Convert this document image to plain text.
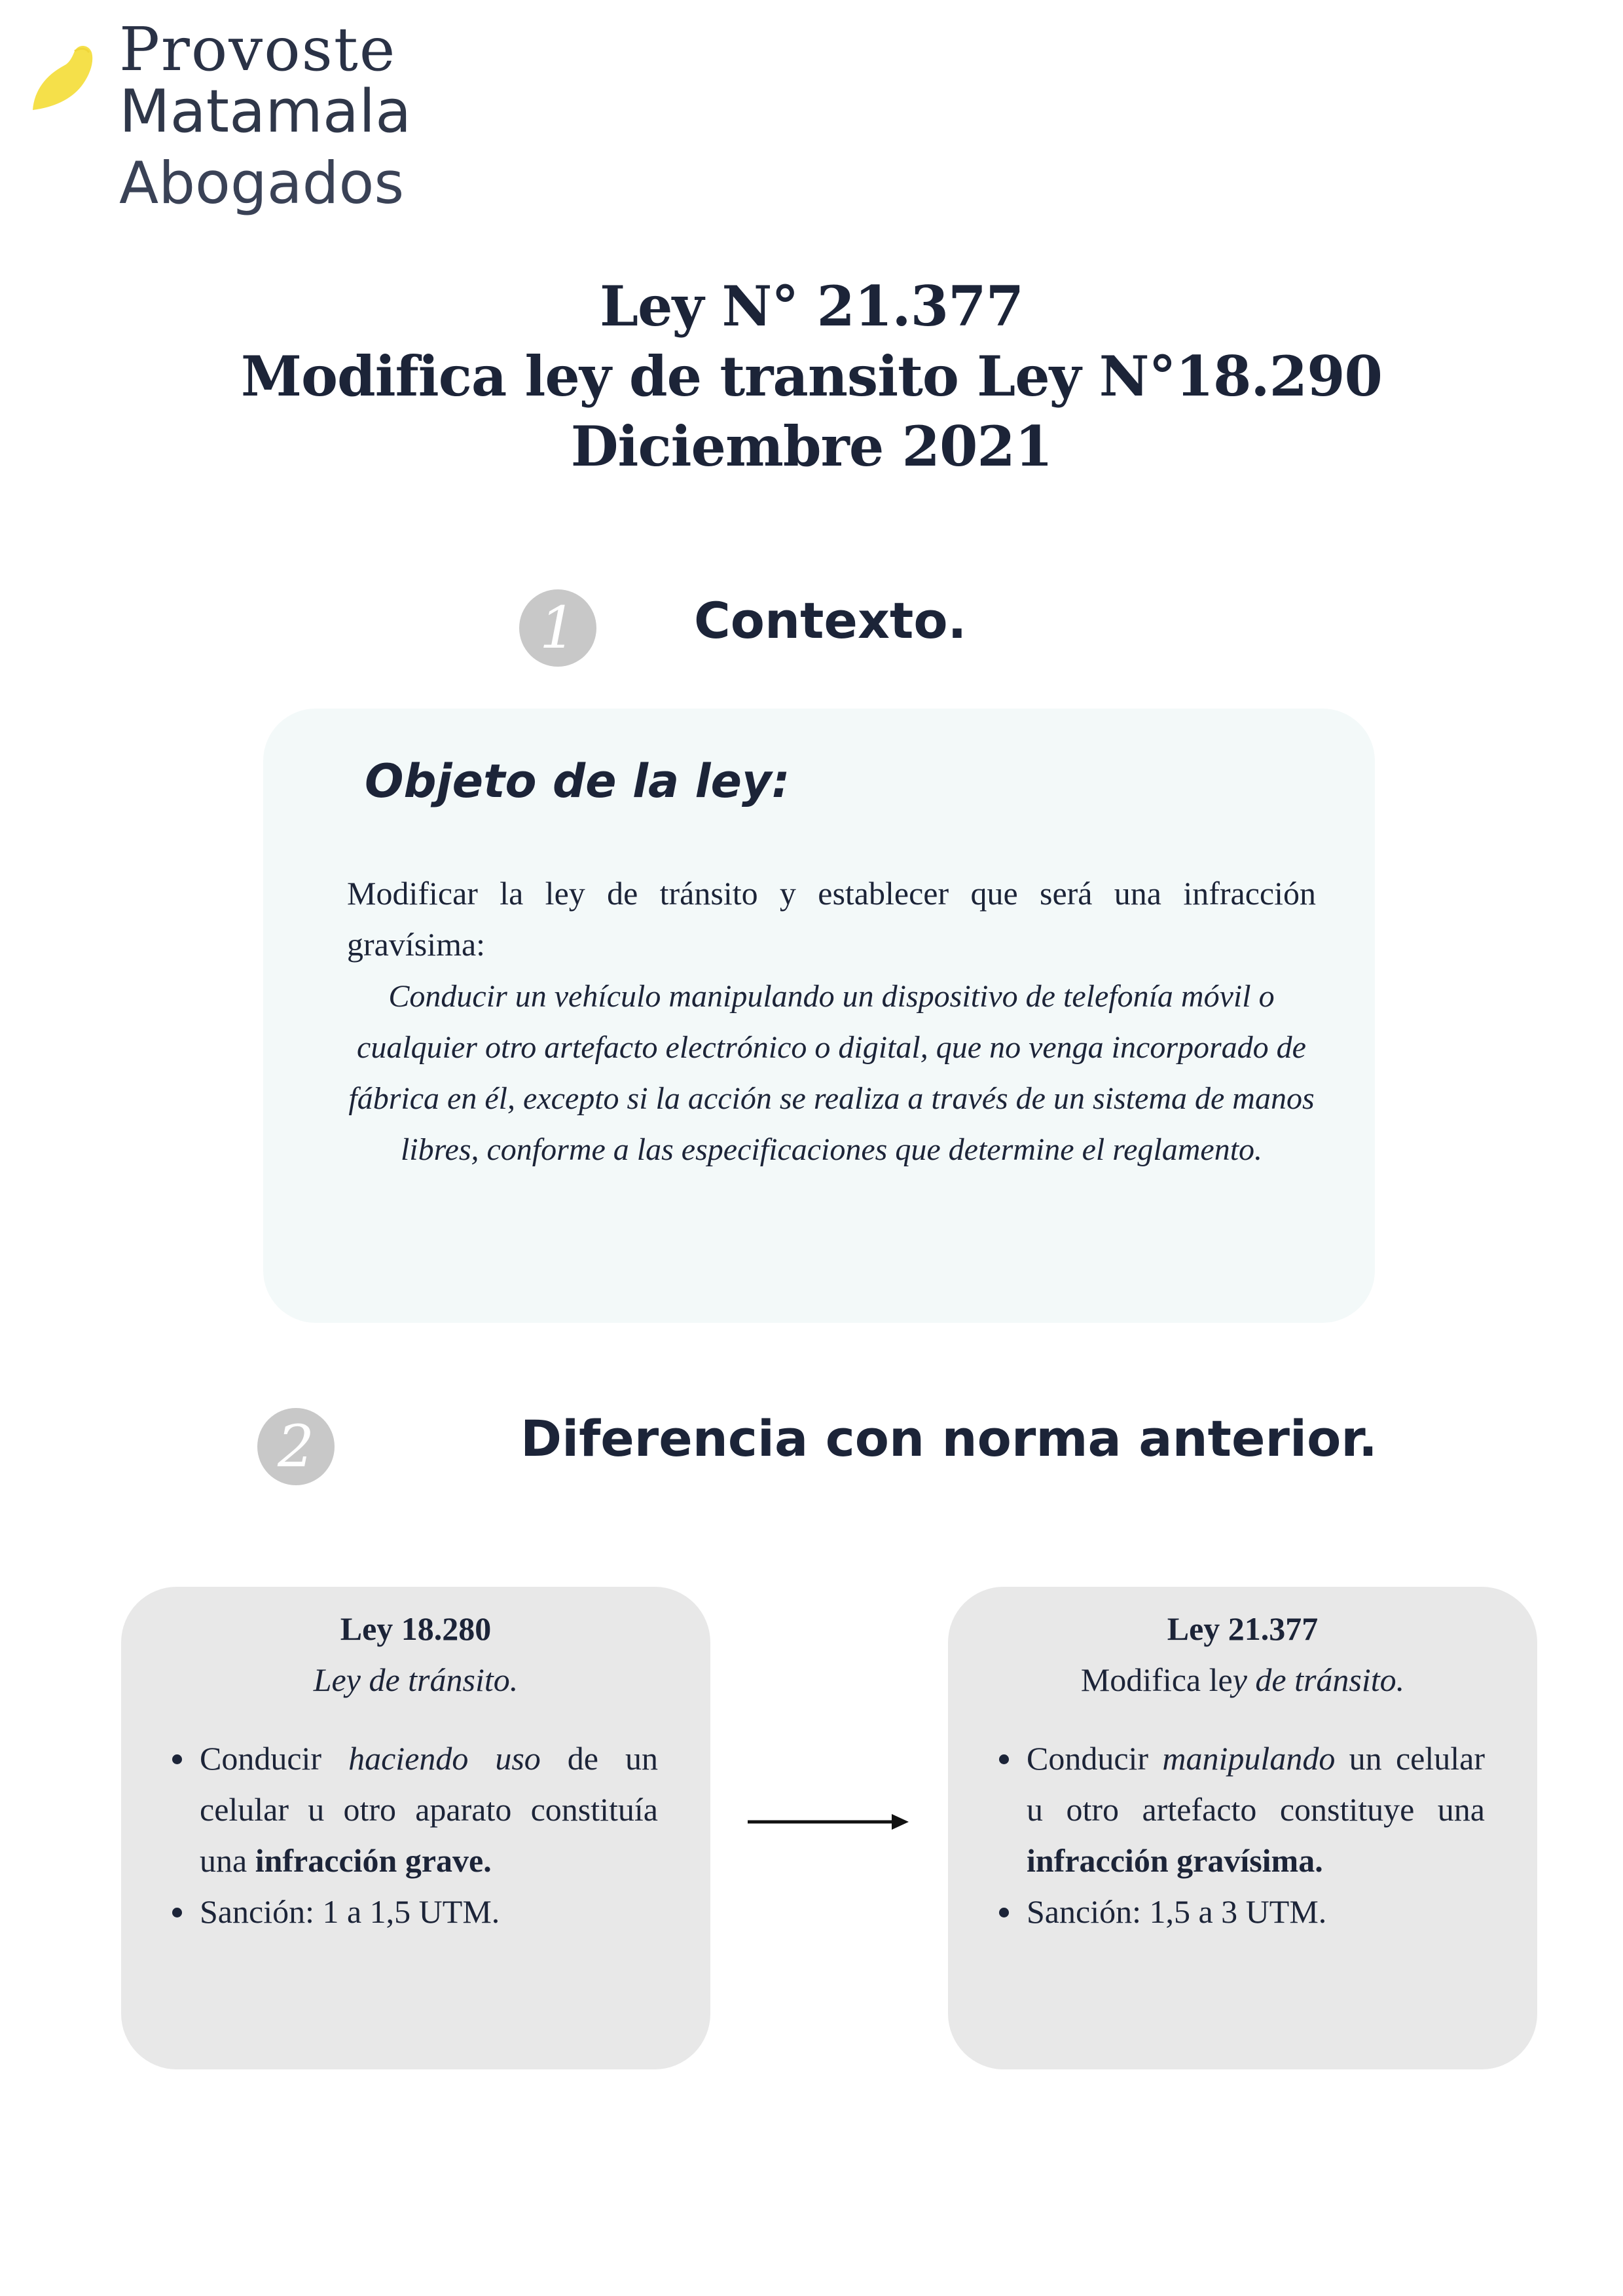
Provoste
Matamala
Abogados
Ley N° 21.377
Modifica ley de transito Ley N°18.290
Diciembre 2021
1	Contexto.
Objeto de la ley:
Modificar la ley de tránsito y establecer que será una infracción gravísima:
Conducir un vehículo manipulando un dispositivo de telefonía móvil o cualquier otro artefacto electrónico o digital, que no venga incorporado de fábrica en él, excepto si la acción se realiza a través de un sistema de manos libres, conforme a las especificaciones que determine el reglamento.
2	Diferencia con norma anterior.
Ley 18.280
Ley de tránsito.
Conducir haciendo uso de un celular u otro aparato constituía una infracción grave.
Sanción: 1 a 1,5 UTM.
Ley 21.377
Modifica ley de tránsito.
Conducir manipulando un celular u otro artefacto constituye una infracción gravísima.
Sanción: 1,5 a 3 UTM.
